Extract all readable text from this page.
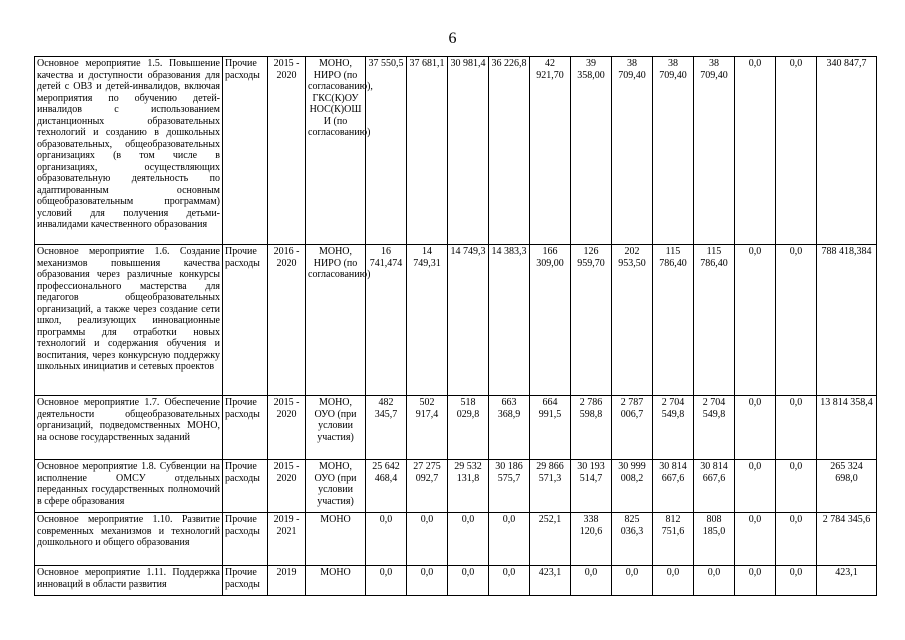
6
Основное мероприятие 1.5. Повышение качества и доступности образования для детей с ОВЗ и детей-инвалидов, включая мероприятия по обучению детей-инвалидов с использованием дистанционных образовательных технологий и созданию в дошкольных образовательных, общеобразовательных организациях (в том числе в организациях, осуществляющих образовательную деятельность по адаптированным основным общеобразовательным программам) условий для получения детьми-инвалидами качественного образования	Прочие расходы	2015 - 2020	МОНО, НИРО (по согласованию), ГКС(К)ОУ НОС(К)ОШ И (по согласованию)	37 550,5	37 681,1	30 981,4	36 226,8	42 921,70	39 358,00	38 709,40	38 709,40	38 709,40	0,0	0,0	340 847,7
Основное мероприятие 1.6. Создание механизмов повышения качества образования через различные конкурсы профессионального мастерства для педагогов общеобразовательных организаций, а также через создание сети школ, реализующих инновационные программы для отработки новых технологий и содержания обучения и воспитания, через конкурсную поддержку школьных инициатив и сетевых проектов	Прочие расходы	2016 - 2020	МОНО, НИРО (по согласованию)	16 741,474	14 749,31	14 749,3	14 383,3	166 309,00	126 959,70	202 953,50	115 786,40	115 786,40	0,0	0,0	788 418,384
Основное мероприятие 1.7. Обеспечение деятельности общеобразовательных организаций, подведомственных МОНО, на основе государственных заданий	Прочие расходы	2015 - 2020	МОНО, ОУО (при условии участия)	482 345,7	502 917,4	518 029,8	663 368,9	664 991,5	2 786 598,8	2 787 006,7	2 704 549,8	2 704 549,8	0,0	0,0	13 814 358,4
Основное мероприятие 1.8. Субвенции на исполнение ОМСУ отдельных переданных государственных полномочий в сфере образования	Прочие расходы	2015 - 2020	МОНО, ОУО (при условии участия)	25 642 468,4	27 275 092,7	29 532 131,8	30 186 575,7	29 866 571,3	30 193 514,7	30 999 008,2	30 814 667,6	30 814 667,6	0,0	0,0	265 324 698,0
Основное мероприятие 1.10. Развитие современных механизмов и технологий дошкольного и общего образования	Прочие расходы	2019 - 2021	МОНО	0,0	0,0	0,0	0,0	252,1	338 120,6	825 036,3	812 751,6	808 185,0	0,0	0,0	2 784 345,6
Основное мероприятие 1.11. Поддержка инноваций в области развития	Прочие расходы	2019	МОНО	0,0	0,0	0,0	0,0	423,1	0,0	0,0	0,0	0,0	0,0	0,0	423,1
